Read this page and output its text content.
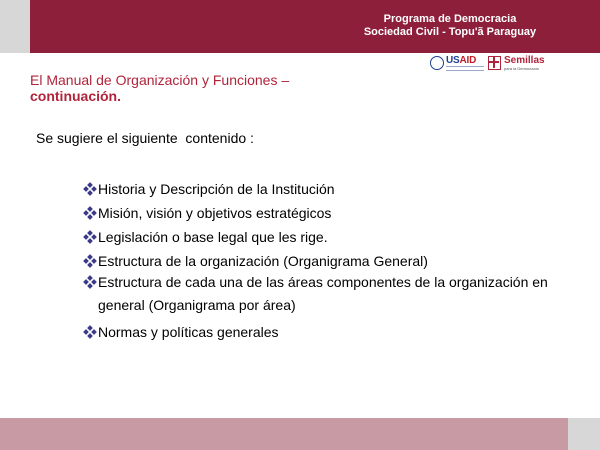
Programa de Democracia
Sociedad Civil - Topu'ã Paraguay
USAID	Semillas
para la Democracia
El Manual de Organización y Funciones –
continuación.
Se sugiere el siguiente  contenido :
Historia y Descripción de la Institución
Misión, visión y objetivos estratégicos
Legislación o base legal que les rige.
Estructura de la organización (Organigrama General)
Estructura de cada una de las áreas componentes de la organización en general (Organigrama por área)
Normas y políticas generales
